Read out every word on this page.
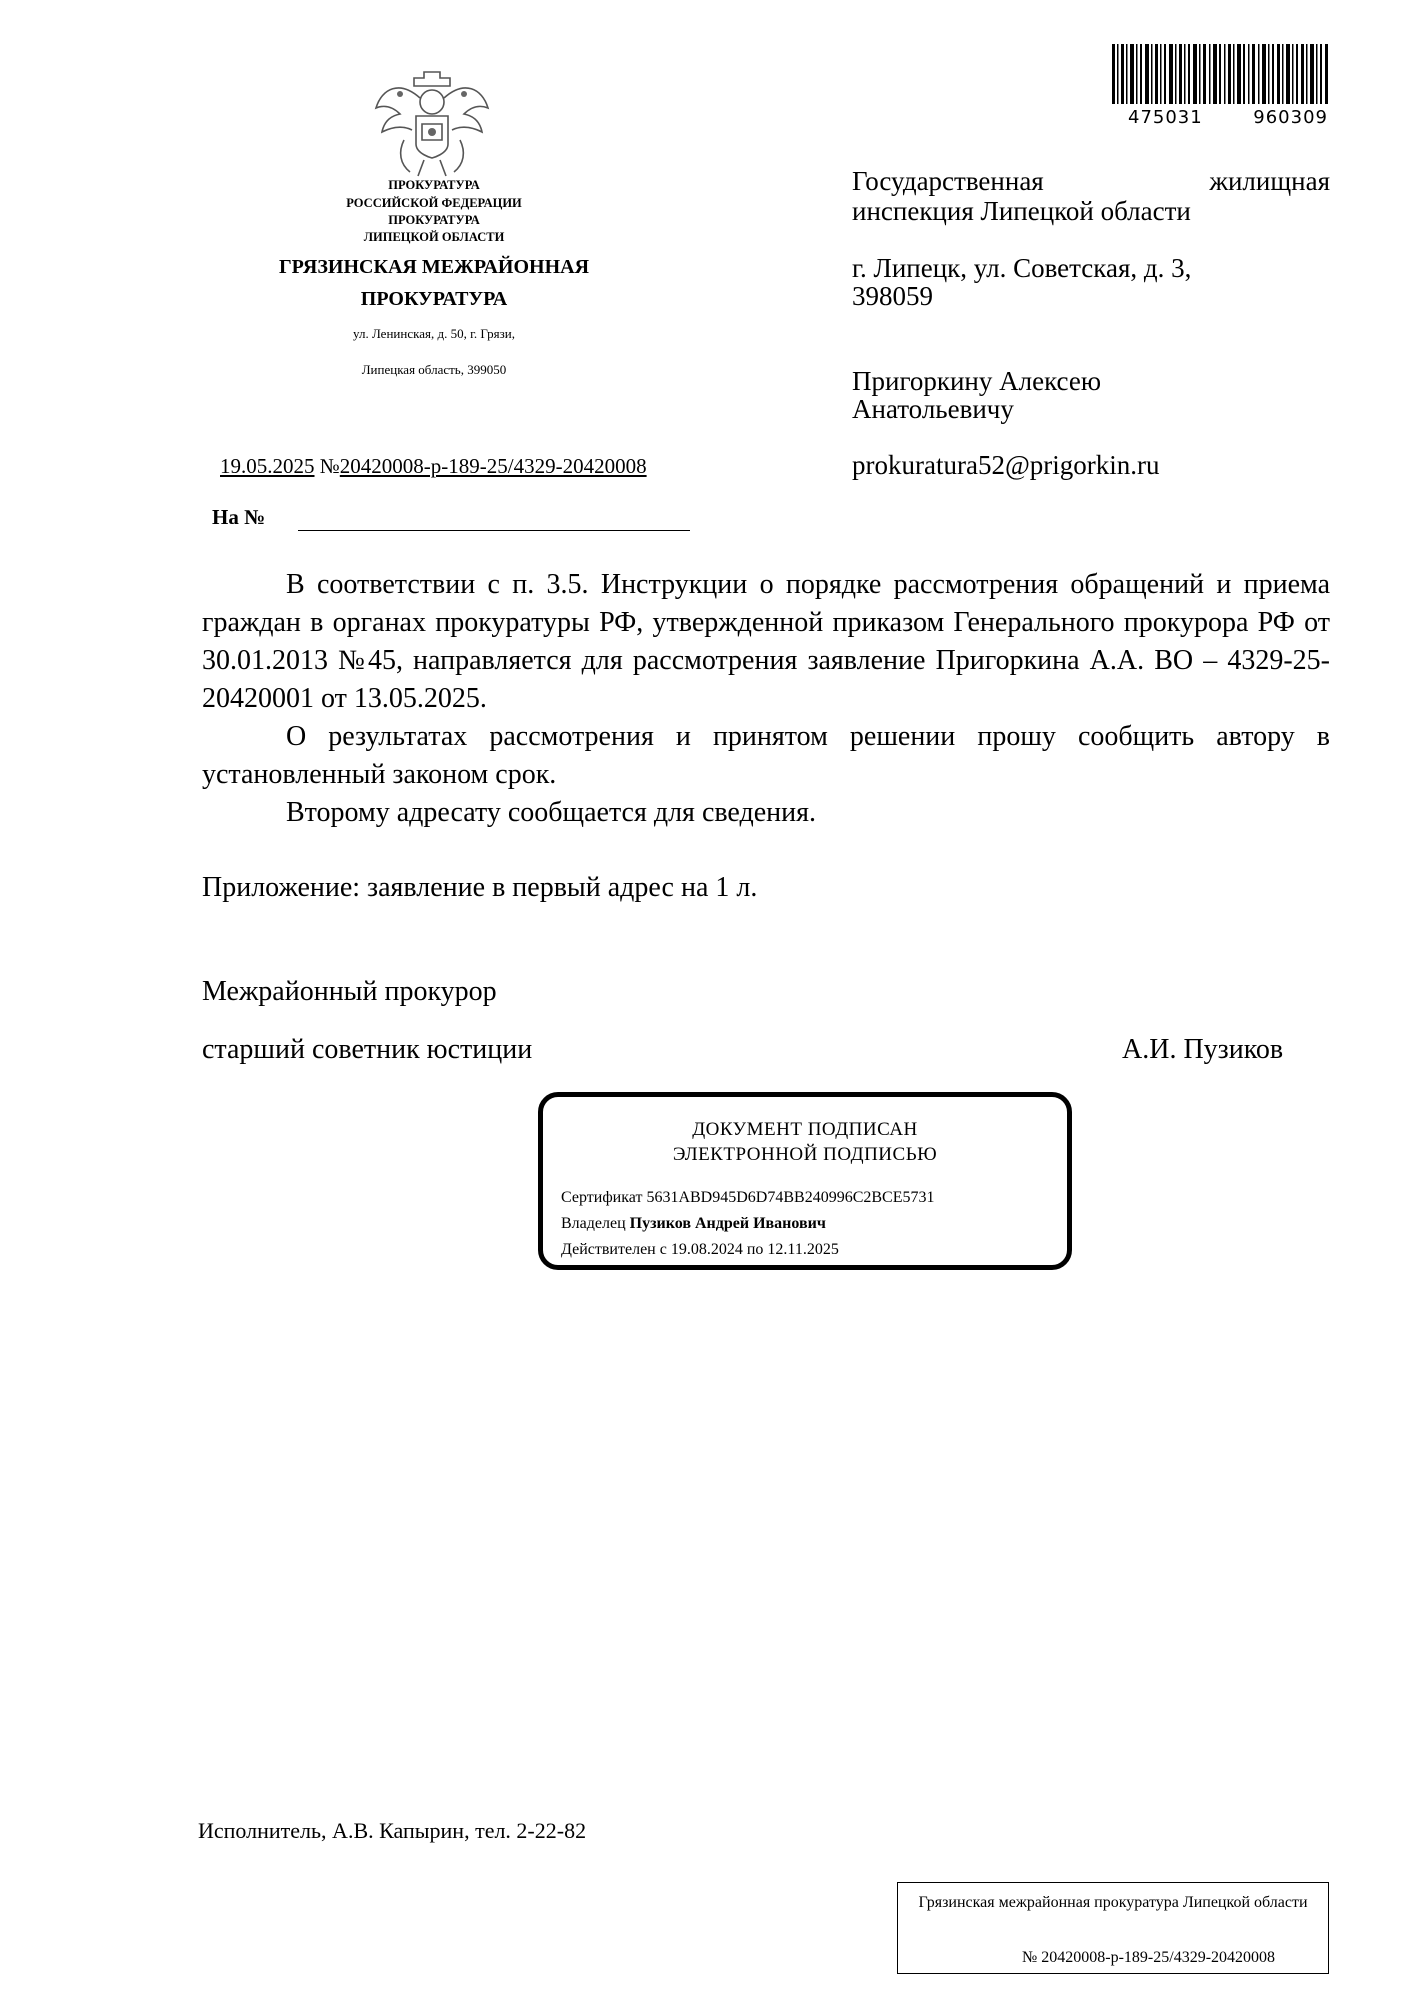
475031	960309
ПРОКУРАТУРА
РОССИЙСКОЙ ФЕДЕРАЦИИ
ПРОКУРАТУРА
ЛИПЕЦКОЙ ОБЛАСТИ
ГРЯЗИНСКАЯ МЕЖРАЙОННАЯ
ПРОКУРАТУРА
ул. Ленинская, д. 50, г. Грязи,
Липецкая область, 399050
19.05.2025 №20420008-р-189-25/4329-20420008
На №
Государственная жилищная
инспекция Липецкой области
г. Липецк, ул. Советская, д. 3,
398059
Пригоркину Алексею
Анатольевичу
prokuratura52@prigorkin.ru

В соответствии с п. 3.5. Инструкции о порядке рассмотрения обращений и приема граждан в органах прокуратуры РФ, утвержденной приказом Генерального прокурора РФ от 30.01.2013 №45, направляется для рассмотрения заявление Пригоркина А.А. ВО – 4329-25-20420001 от 13.05.2025.

О результатах рассмотрения и принятом решении прошу сообщить автору в установленный законом срок.

Второму адресату сообщается для сведения.

Приложение: заявление в первый адрес на 1 л.
Межрайонный прокурор
старший советник юстиции	А.И. Пузиков
ДОКУМЕНТ ПОДПИСАН
ЭЛЕКТРОННОЙ ПОДПИСЬЮ
Сертификат 5631ABD945D6D74BB240996C2BCE5731
Владелец Пузиков Андрей Иванович
Действителен с 19.08.2024 по 12.11.2025
Исполнитель, А.В. Капырин, тел. 2-22-82
Грязинская межрайонная прокуратура Липецкой области
№ 20420008-р-189-25/4329-20420008
